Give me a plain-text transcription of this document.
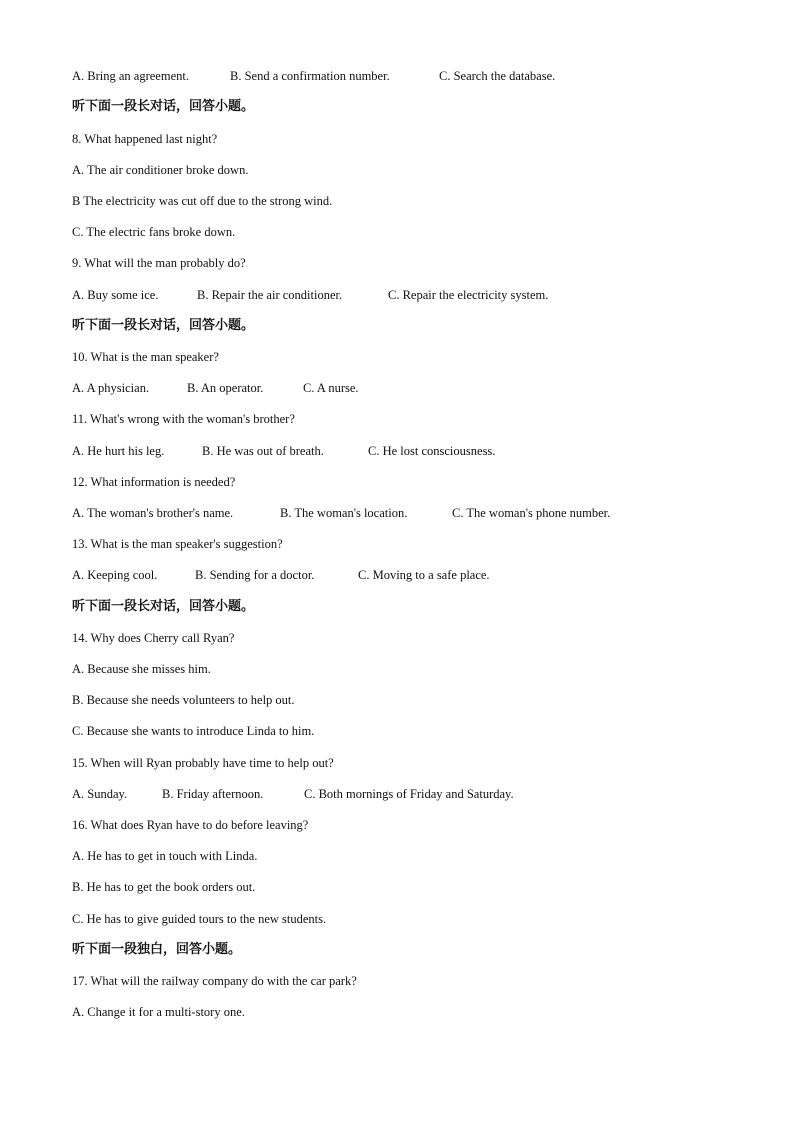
A. Bring an agreement.	B. Send a confirmation number.	C. Search the database.
听下面一段长对话，回答小题。
8. What happened last night?
A. The air conditioner broke down.
B The electricity was cut off due to the strong wind.
C. The electric fans broke down.
9. What will the man probably do?
A. Buy some ice.	B. Repair the air conditioner.	C. Repair the electricity system.
听下面一段长对话，回答小题。
10. What is the man speaker?
A. A physician.	B. An operator.	C. A nurse.
11. What's wrong with the woman's brother?
A. He hurt his leg.	B. He was out of breath.	C. He lost consciousness.
12. What information is needed?
A. The woman's brother's name.	B. The woman's location.	C. The woman's phone number.
13. What is the man speaker's suggestion?
A. Keeping cool.	B. Sending for a doctor.	C. Moving to a safe place.
听下面一段长对话，回答小题。
14. Why does Cherry call Ryan?
A. Because she misses him.
B. Because she needs volunteers to help out.
C. Because she wants to introduce Linda to him.
15. When will Ryan probably have time to help out?
A. Sunday.	B. Friday afternoon.	C. Both mornings of Friday and Saturday.
16. What does Ryan have to do before leaving?
A. He has to get in touch with Linda.
B. He has to get the book orders out.
C. He has to give guided tours to the new students.
听下面一段独白，回答小题。
17. What will the railway company do with the car park?
A. Change it for a multi-story one.
